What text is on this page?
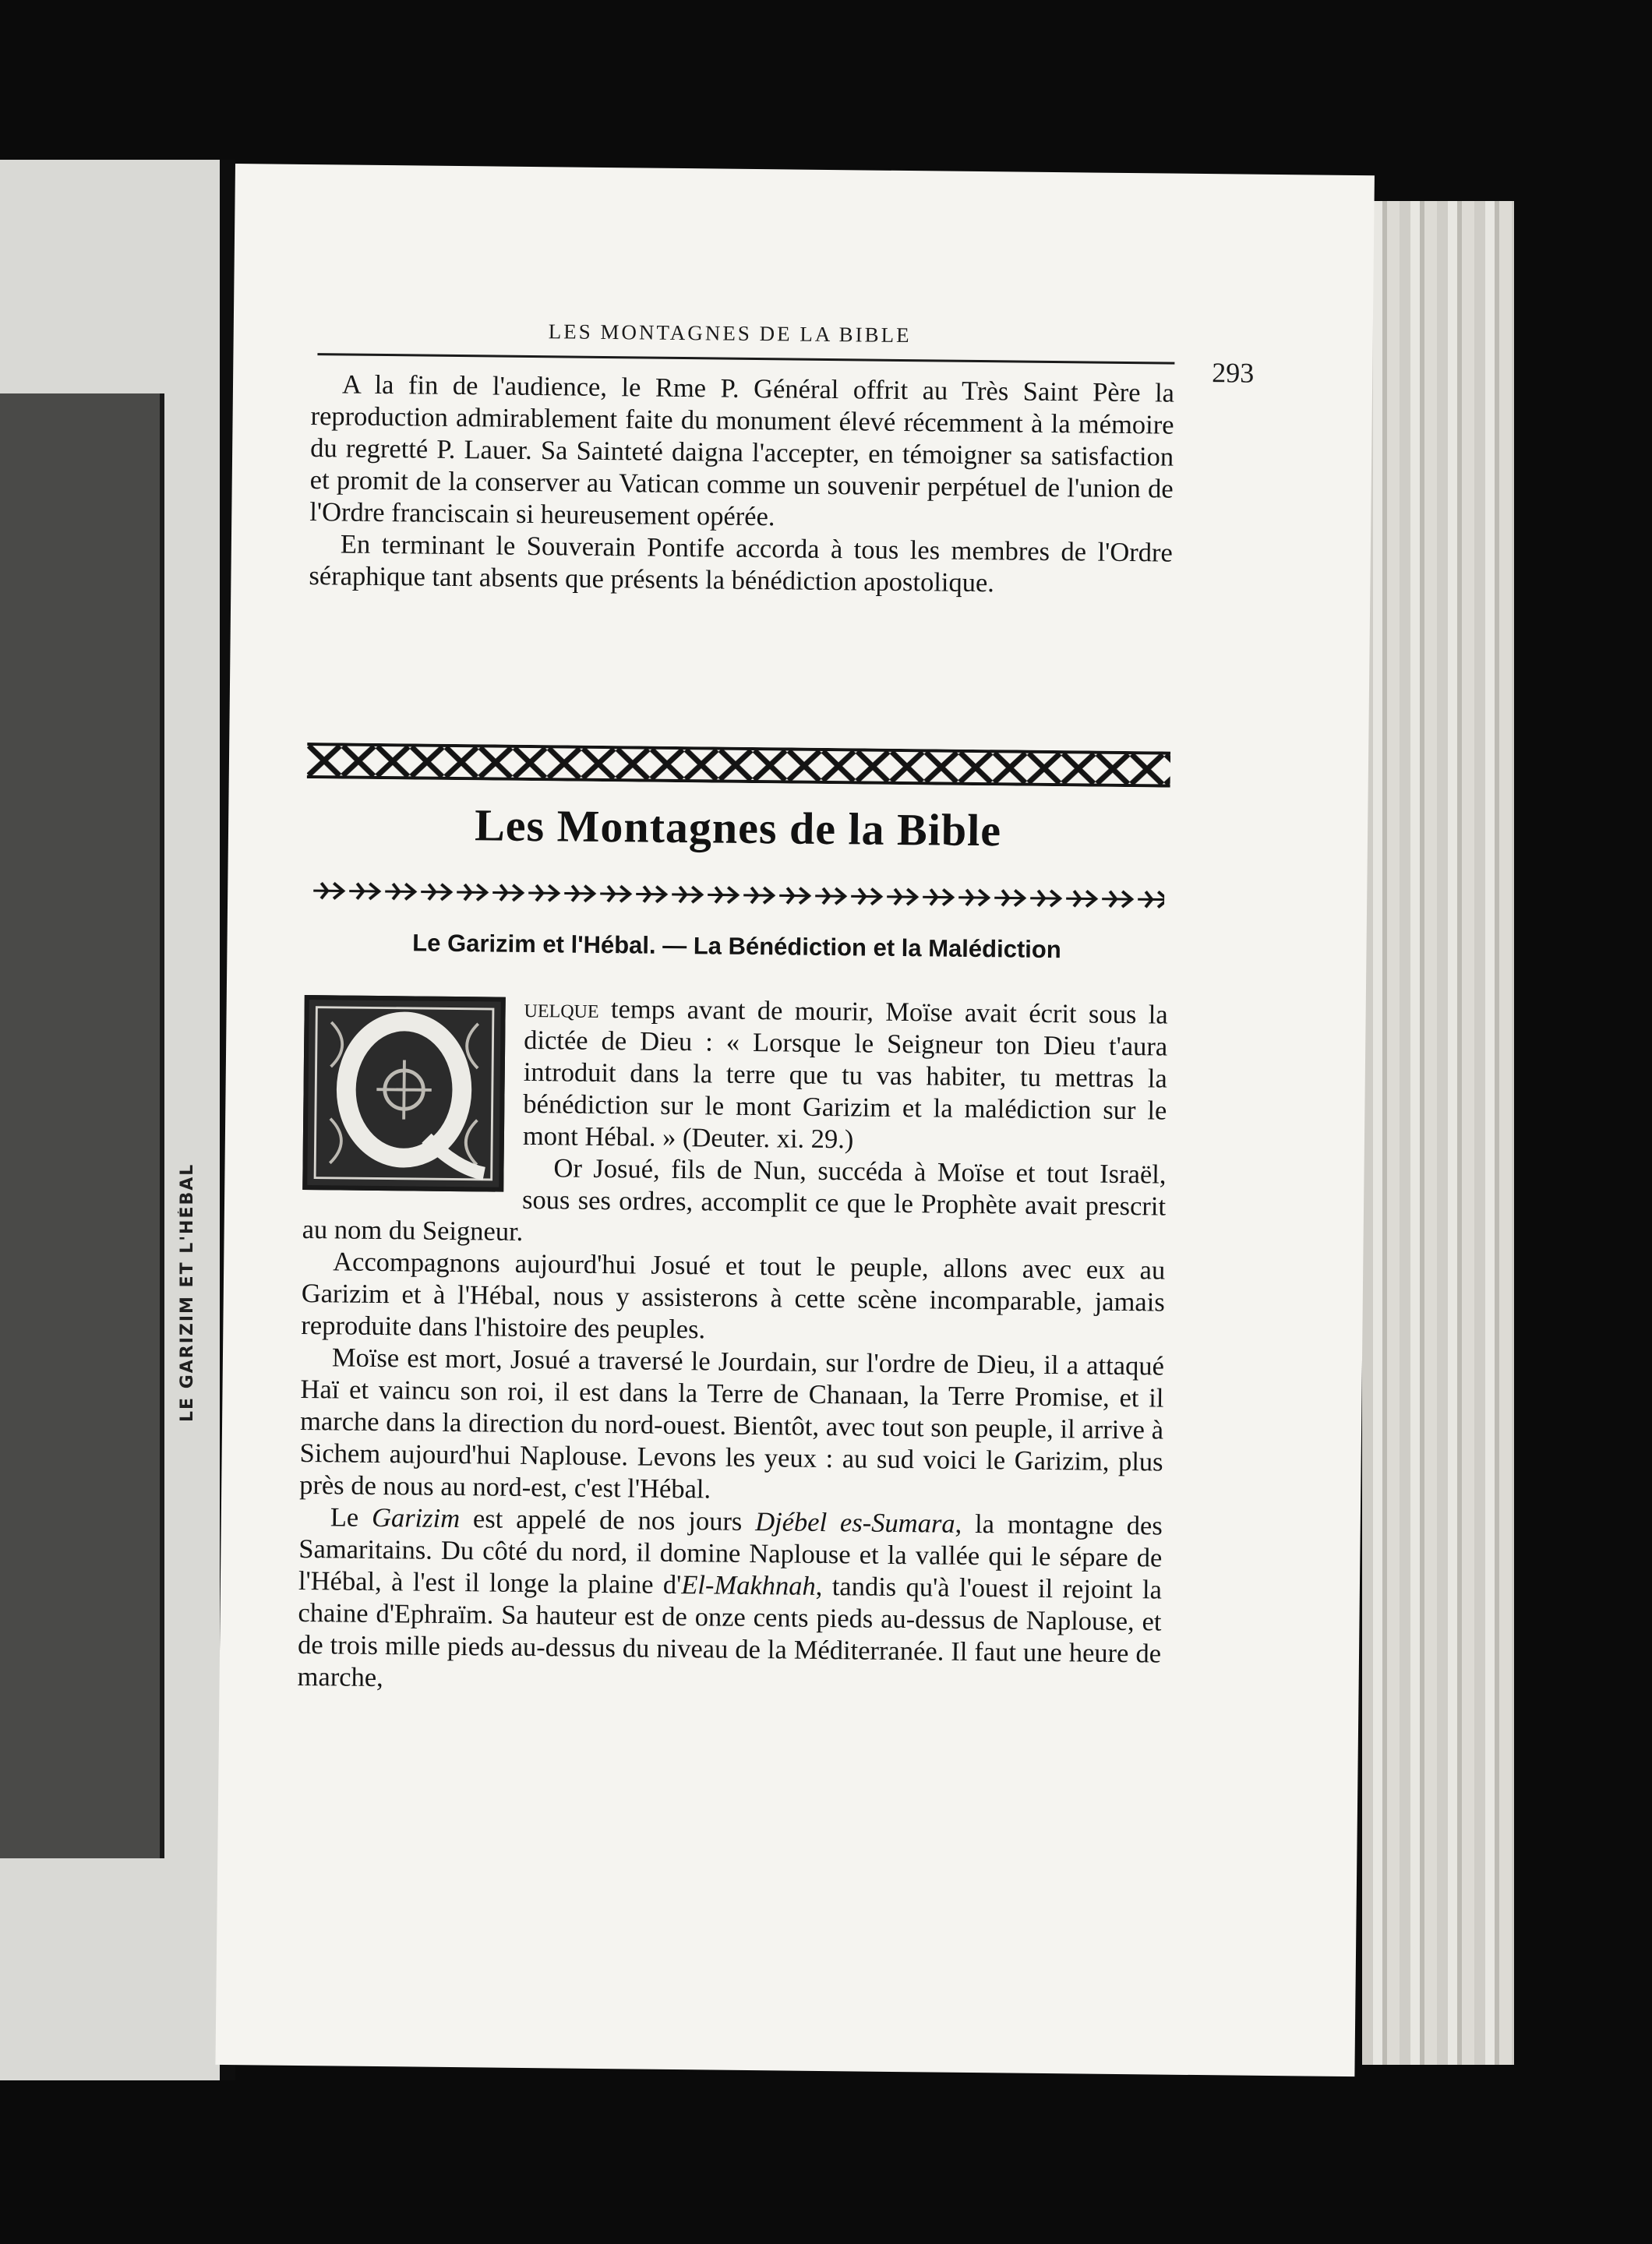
LE GARIZIM ET L'HÉBAL
LES MONTAGNES DE LA BIBLE
293

A la fin de l'audience, le Rme P. Général offrit au Très Saint Père la reproduction admirablement faite du monument élevé récemment à la mémoire du regretté P. Lauer. Sa Sainteté daigna l'accepter, en témoigner sa satisfaction et promit de la conserver au Vatican comme un souvenir perpétuel de l'union de l'Ordre franciscain si heureusement opérée.

En terminant le Souverain Pontife accorda à tous les membres de l'Ordre séraphique tant absents que présents la bénédiction apostolique.

Les Montagnes de la Bible
Le Garizim et l'Hébal. — La Bénédiction et la Malédiction

uelque temps avant de mourir, Moïse avait écrit sous la dictée de Dieu : « Lorsque le Seigneur ton Dieu t'aura introduit dans la terre que tu vas habiter, tu mettras la bénédiction sur le mont Garizim et la malédiction sur le mont Hébal. » (Deuter. xi. 29.)

Or Josué, fils de Nun, succéda à Moïse et tout Israël, sous ses ordres, accomplit ce que le Prophète avait prescrit au nom du Seigneur.

Accompagnons aujourd'hui Josué et tout le peuple, allons avec eux au Garizim et à l'Hébal, nous y assisterons à cette scène incomparable, jamais reproduite dans l'histoire des peuples.

Moïse est mort, Josué a traversé le Jourdain, sur l'ordre de Dieu, il a attaqué Haï et vaincu son roi, il est dans la Terre de Chanaan, la Terre Promise, et il marche dans la direction du nord-ouest. Bientôt, avec tout son peuple, il arrive à Sichem aujourd'hui Naplouse. Levons les yeux : au sud voici le Garizim, plus près de nous au nord-est, c'est l'Hébal.

Le Garizim est appelé de nos jours Djébel es-Sumara, la montagne des Samaritains. Du côté du nord, il domine Naplouse et la vallée qui le sépare de l'Hébal, à l'est il longe la plaine d'El-Makhnah, tandis qu'à l'ouest il rejoint la chaine d'Ephraïm. Sa hauteur est de onze cents pieds au-dessus de Naplouse, et de trois mille pieds au-dessus du niveau de la Méditerranée. Il faut une heure de marche,
